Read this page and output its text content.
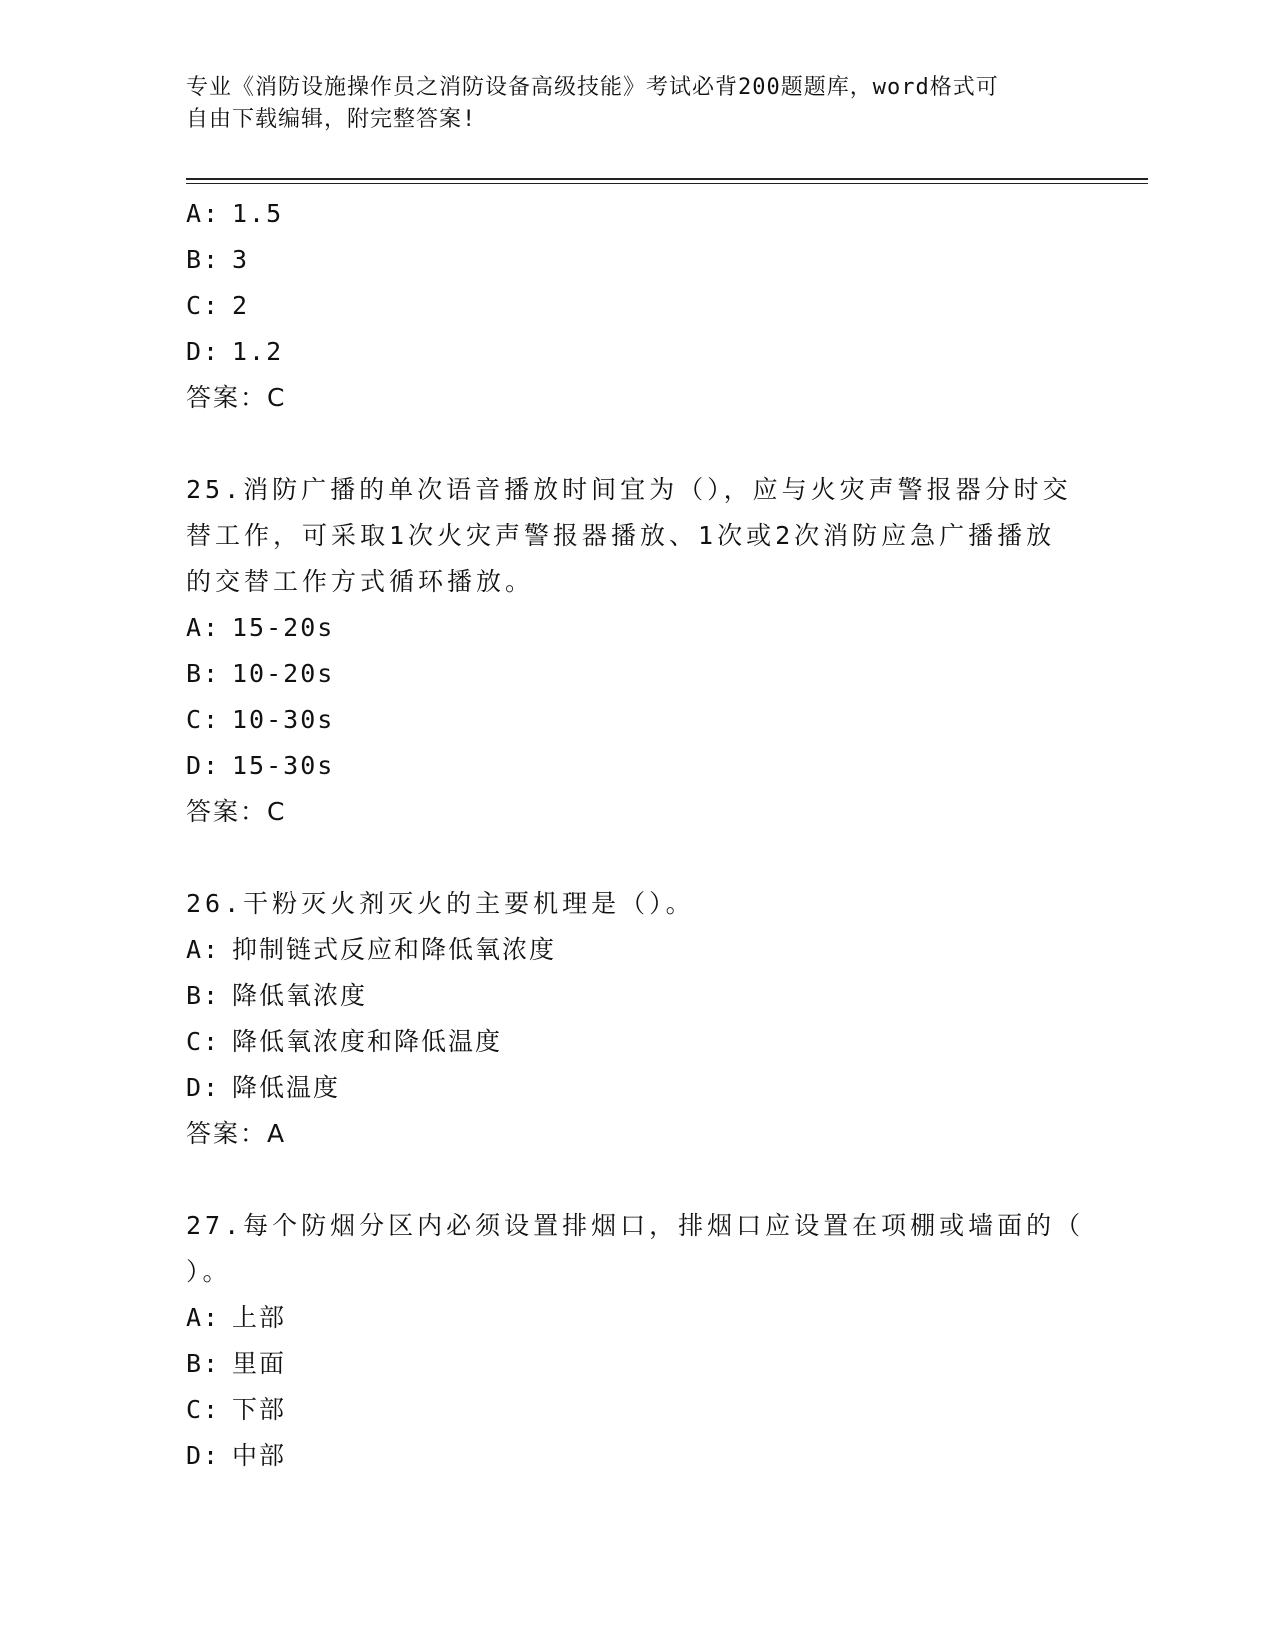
专业《消防设施操作员之消防设备高级技能》考试必背200题题库，word格式可
自由下载编辑，附完整答案!
A: 1.5
B: 3
C: 2
D: 1.2
答案：C
25.消防广播的单次语音播放时间宜为（），应与火灾声警报器分时交
替工作，可采取1次火灾声警报器播放、1次或2次消防应急广播播放
的交替工作方式循环播放。
A: 15-20s
B: 10-20s
C: 10-30s
D: 15-30s
答案：C
26.干粉灭火剂灭火的主要机理是（）。
A: 抑制链式反应和降低氧浓度
B: 降低氧浓度
C: 降低氧浓度和降低温度
D: 降低温度
答案：A
27.每个防烟分区内必须设置排烟口，排烟口应设置在项棚或墙面的（
）。
A: 上部
B: 里面
C: 下部
D: 中部
